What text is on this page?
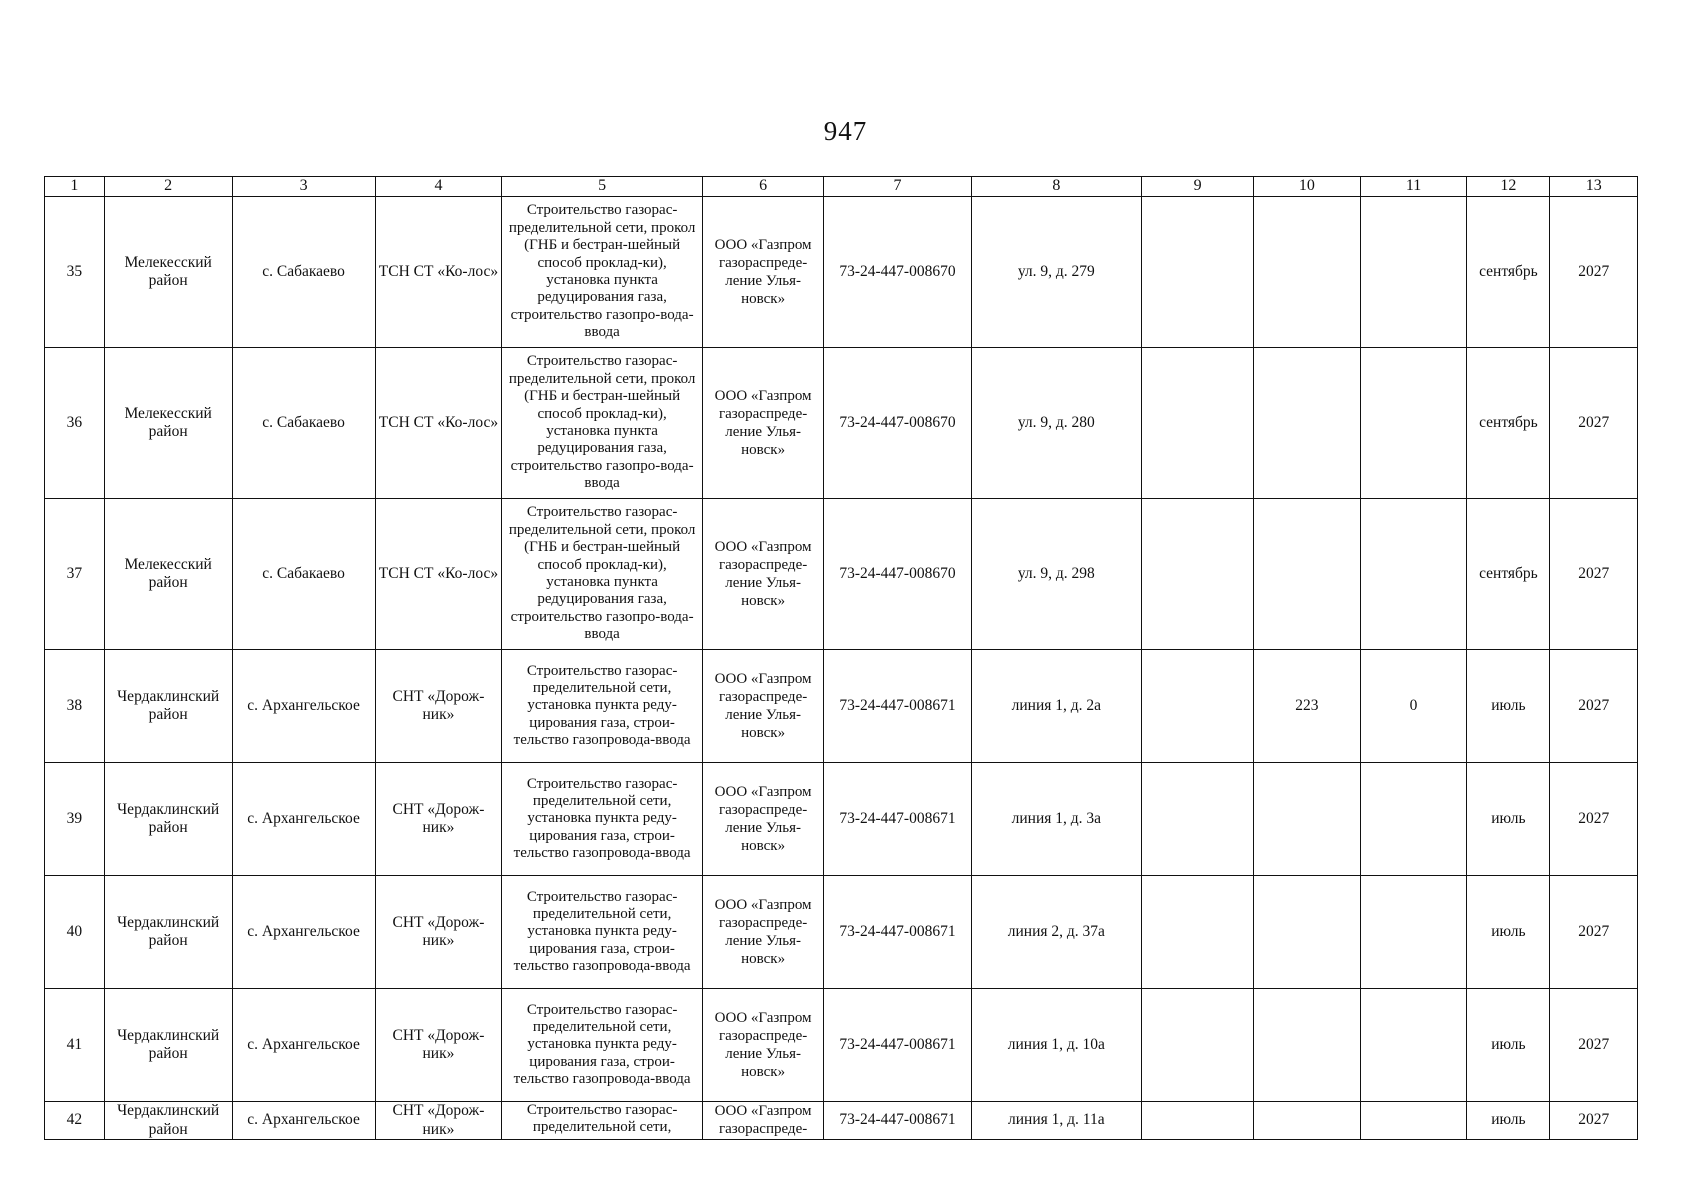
947
1	2	3	4	5	6	7	8	9	10	11	12	13
35	Мелекесский район	с. Сабакаево	ТСН СТ «Ко-лос»	Строительство газорас-пределительной сети, прокол (ГНБ и бестран-шейный способ проклад-ки), установка пункта редуцирования газа, строительство газопро-вода-ввода	ООО «Газпром газораспреде-ление Улья-новск»	73-24-447-008670	ул. 9, д. 279				сентябрь	2027
36	Мелекесский район	с. Сабакаево	ТСН СТ «Ко-лос»	Строительство газорас-пределительной сети, прокол (ГНБ и бестран-шейный способ проклад-ки), установка пункта редуцирования газа, строительство газопро-вода-ввода	ООО «Газпром газораспреде-ление Улья-новск»	73-24-447-008670	ул. 9, д. 280				сентябрь	2027
37	Мелекесский район	с. Сабакаево	ТСН СТ «Ко-лос»	Строительство газорас-пределительной сети, прокол (ГНБ и бестран-шейный способ проклад-ки), установка пункта редуцирования газа, строительство газопро-вода-ввода	ООО «Газпром газораспреде-ление Улья-новск»	73-24-447-008670	ул. 9, д. 298				сентябрь	2027
38	Чердаклинский район	с. Архангельское	СНТ «Дорож-ник»	Строительство газорас-пределительной сети, установка пункта реду-цирования газа, строи-тельство газопровода-ввода	ООО «Газпром газораспреде-ление Улья-новск»	73-24-447-008671	линия 1, д. 2а		223	0	июль	2027
39	Чердаклинский район	с. Архангельское	СНТ «Дорож-ник»	Строительство газорас-пределительной сети, установка пункта реду-цирования газа, строи-тельство газопровода-ввода	ООО «Газпром газораспреде-ление Улья-новск»	73-24-447-008671	линия 1, д. 3а				июль	2027
40	Чердаклинский район	с. Архангельское	СНТ «Дорож-ник»	Строительство газорас-пределительной сети, установка пункта реду-цирования газа, строи-тельство газопровода-ввода	ООО «Газпром газораспреде-ление Улья-новск»	73-24-447-008671	линия 2, д. 37а				июль	2027
41	Чердаклинский район	с. Архангельское	СНТ «Дорож-ник»	Строительство газорас-пределительной сети, установка пункта реду-цирования газа, строи-тельство газопровода-ввода	ООО «Газпром газораспреде-ление Улья-новск»	73-24-447-008671	линия 1, д. 10а				июль	2027
42	Чердаклинский район	с. Архангельское	СНТ «Дорож-ник»	Строительство газорас-пределительной сети,	ООО «Газпром газораспреде-	73-24-447-008671	линия 1, д. 11а				июль	2027
